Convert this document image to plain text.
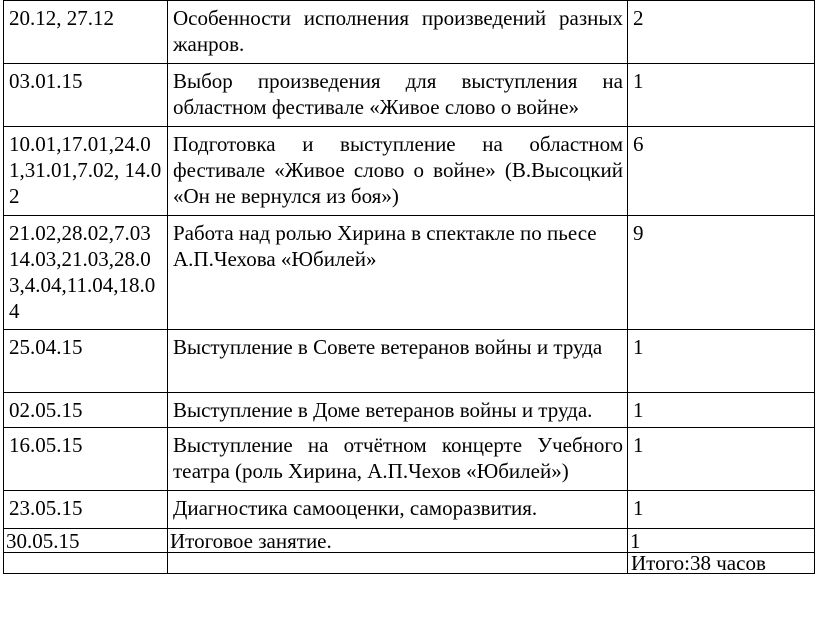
20.12, 27.12	Особенности исполнения произведений разных жанров.	2
03.01.15	Выбор произведения для выступления на областном фестивале «Живое слово о войне»	1
10.01,17.01,24.01,31.01,7.02, 14.02	Подготовка и выступление на областном фестивале «Живое слово о войне» (В.Высоцкий «Он не вернулся из боя»)	6
21.02,28.02,7.03 14.03,21.03,28.03,4.04,11.04,18.04	Работа над ролью Хирина в спектакле по пьесе А.П.Чехова «Юбилей»	9
25.04.15	Выступление в Совете ветеранов войны и труда	1
02.05.15	Выступление в Доме ветеранов войны и труда.	1
16.05.15	Выступление на отчётном концерте Учебного театра (роль Хирина, А.П.Чехов «Юбилей»)	1
23.05.15	Диагностика самооценки, саморазвития.	1
30.05.15	Итоговое занятие.	1
		Итого:38 часов
